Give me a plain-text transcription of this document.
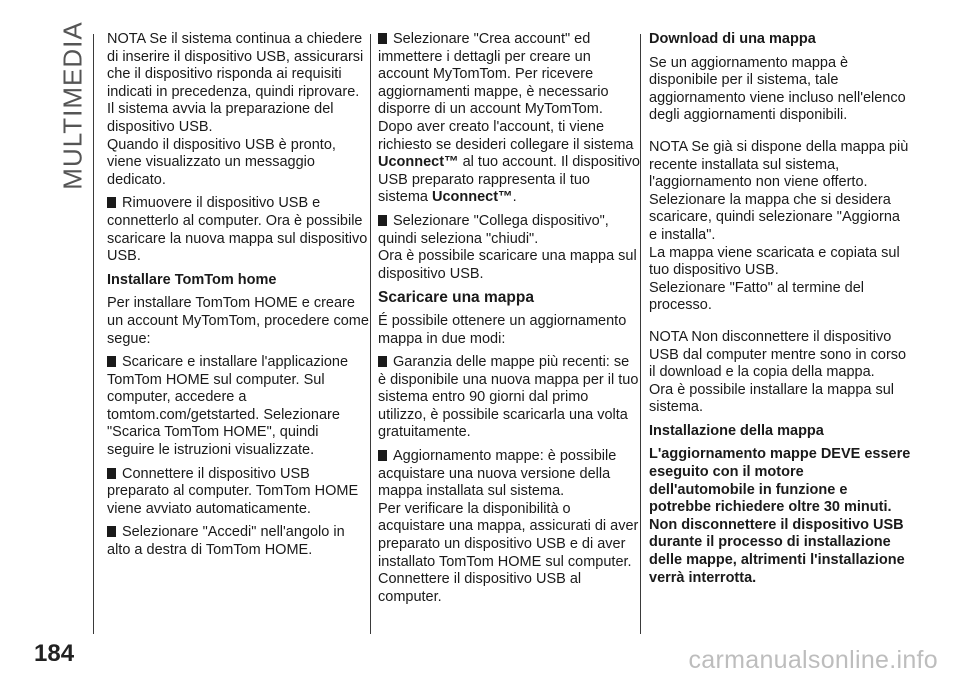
MULTIMEDIA
184

NOTA Se il sistema continua a chiedere di inserire il dispositivo USB, assicurarsi che il dispositivo risponda ai requisiti indicati in precedenza, quindi riprovare. Il sistema avvia la preparazione del dispositivo USB.

Quando il dispositivo USB è pronto, viene visualizzato un messaggio dedicato.

Rimuovere il dispositivo USB e connetterlo al computer. Ora è possibile scaricare la nuova mappa sul dispositivo USB.

Installare TomTom home

Per installare TomTom HOME e creare un account MyTomTom, procedere come segue:

Scaricare e installare l'applicazione TomTom HOME sul computer. Sul computer, accedere a tomtom.com/getstarted. Selezionare "Scarica TomTom HOME", quindi seguire le istruzioni visualizzate.

Connettere il dispositivo USB preparato al computer. TomTom HOME viene avviato automaticamente.

Selezionare "Accedi" nell'angolo in alto a destra di TomTom HOME.

Selezionare "Crea account" ed immettere i dettagli per creare un account MyTomTom. Per ricevere aggiornamenti mappe, è necessario disporre di un account MyTomTom. Dopo aver creato l'account, ti viene richiesto se desideri collegare il sistema Uconnect™ al tuo account. Il dispositivo USB preparato rappresenta il tuo sistema Uconnect™.

Selezionare "Collega dispositivo", quindi seleziona "chiudi".

Ora è possibile scaricare una mappa sul dispositivo USB.

Scaricare una mappa

É possibile ottenere un aggiornamento mappa in due modi:

Garanzia delle mappe più recenti: se è disponibile una nuova mappa per il tuo sistema entro 90 giorni dal primo utilizzo, è possibile scaricarla una volta gratuitamente.

Aggiornamento mappe: è possibile acquistare una nuova versione della mappa installata sul sistema.

Per verificare la disponibilità o acquistare una mappa, assicurati di aver preparato un dispositivo USB e di aver installato TomTom HOME sul computer.

Connettere il dispositivo USB al computer.

Download di una mappa

Se un aggiornamento mappa è disponibile per il sistema, tale aggiornamento viene incluso nell'elenco degli aggiornamenti disponibili.

NOTA Se già si dispone della mappa più recente installata sul sistema, l'aggiornamento non viene offerto.

Selezionare la mappa che si desidera scaricare, quindi selezionare "Aggiorna e installa".

La mappa viene scaricata e copiata sul tuo dispositivo USB.

Selezionare "Fatto" al termine del processo.

NOTA Non disconnettere il dispositivo USB dal computer mentre sono in corso il download e la copia della mappa.

Ora è possibile installare la mappa sul sistema.

Installazione della mappa

L'aggiornamento mappe DEVE essere eseguito con il motore dell'automobile in funzione e potrebbe richiedere oltre 30 minuti. Non disconnettere il dispositivo USB durante il processo di installazione delle mappe, altrimenti l'installazione verrà interrotta.

carmanualsonline.info
